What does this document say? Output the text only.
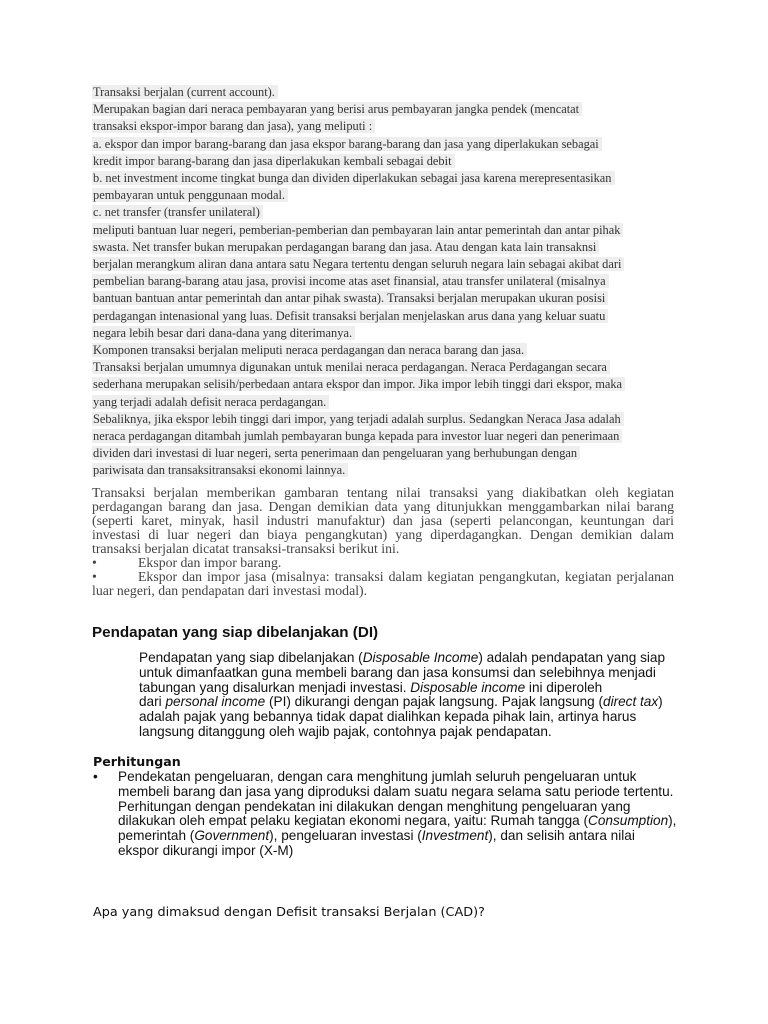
Transaksi berjalan (current account).
Merupakan bagian dari neraca pembayaran yang berisi arus pembayaran jangka pendek (mencatat
transaksi ekspor-impor barang dan jasa), yang meliputi :
a. ekspor dan impor barang-barang dan jasa ekspor barang-barang dan jasa yang diperlakukan sebagai
kredit impor barang-barang dan jasa diperlakukan kembali sebagai debit
b. net investment income tingkat bunga dan dividen diperlakukan sebagai jasa karena merepresentasikan
pembayaran untuk penggunaan modal.
c. net transfer (transfer unilateral)
meliputi bantuan luar negeri, pemberian-pemberian dan pembayaran lain antar pemerintah dan antar pihak
swasta. Net transfer bukan merupakan perdagangan barang dan jasa. Atau dengan kata lain transaknsi
berjalan merangkum aliran dana antara satu Negara tertentu dengan seluruh negara lain sebagai akibat dari
pembelian barang-barang atau jasa, provisi income atas aset finansial, atau transfer unilateral (misalnya
bantuan bantuan antar pemerintah dan antar pihak swasta). Transaksi berjalan merupakan ukuran posisi
perdagangan intenasional yang luas. Defisit transaksi berjalan menjelaskan arus dana yang keluar suatu
negara lebih besar dari dana-dana yang diterimanya.
Komponen transaksi berjalan meliputi neraca perdagangan dan neraca barang dan jasa.
Transaksi berjalan umumnya digunakan untuk menilai neraca perdagangan. Neraca Perdagangan secara
sederhana merupakan selisih/perbedaan antara ekspor dan impor. Jika impor lebih tinggi dari ekspor, maka
yang terjadi adalah defisit neraca perdagangan.
Sebaliknya, jika ekspor lebih tinggi dari impor, yang terjadi adalah surplus. Sedangkan Neraca Jasa adalah
neraca perdagangan ditambah jumlah pembayaran bunga kepada para investor luar negeri dan penerimaan
dividen dari investasi di luar negeri, serta penerimaan dan pengeluaran yang berhubungan dengan
pariwisata dan transaksitransaksi ekonomi lainnya.

Transaksi berjalan memberikan gambaran tentang nilai transaksi yang diakibatkan oleh kegiatan perdagangan barang dan jasa. Dengan demikian data yang ditunjukkan menggambarkan nilai barang (seperti karet, minyak, hasil industri manufaktur) dan jasa (seperti pelancongan, keuntungan dari investasi di luar negeri dan biaya pengangkutan) yang diperdagangkan. Dengan demikian dalam transaksi berjalan dicatat transaksi-transaksi berikut ini.

•	Ekspor dan impor barang.

•	Ekspor dan impor jasa (misalnya: transaksi dalam kegiatan pengangkutan, kegiatan perjalanan luar negeri, dan pendapatan dari investasi modal).

Pendapatan yang siap dibelanjakan (DI)
Pendapatan yang siap dibelanjakan (Disposable Income) adalah pendapatan yang siap
untuk dimanfaatkan guna membeli barang dan jasa konsumsi dan selebihnya menjadi
tabungan yang disalurkan menjadi investasi. Disposable income ini diperoleh
dari personal income (PI) dikurangi dengan pajak langsung. Pajak langsung (direct tax)
adalah pajak yang bebannya tidak dapat dialihkan kepada pihak lain, artinya harus
langsung ditanggung oleh wajib pajak, contohnya pajak pendapatan.
Perhitungan
• Pendekatan pengeluaran, dengan cara menghitung jumlah seluruh pengeluaran untuk
membeli barang dan jasa yang diproduksi dalam suatu negara selama satu periode tertentu.
Perhitungan dengan pendekatan ini dilakukan dengan menghitung pengeluaran yang
dilakukan oleh empat pelaku kegiatan ekonomi negara, yaitu: Rumah tangga (Consumption),
pemerintah (Government), pengeluaran investasi (Investment), dan selisih antara nilai
ekspor dikurangi impor (X-M)
Apa yang dimaksud dengan Defisit transaksi Berjalan (CAD)?
